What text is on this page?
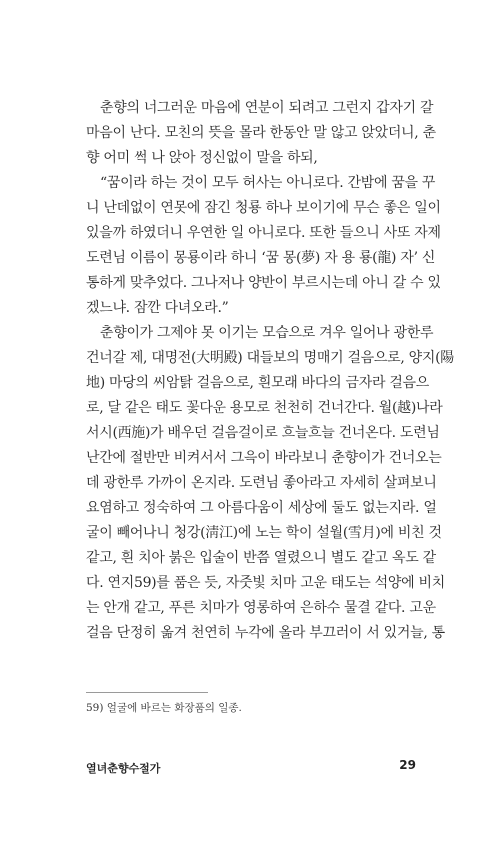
춘향의 너그러운 마음에 연분이 되려고 그런지 갑자기 갈
마음이 난다. 모친의 뜻을 몰라 한동안 말 않고 앉았더니, 춘
향 어미 썩 나 앉아 정신없이 말을 하되,
“꿈이라 하는 것이 모두 허사는 아니로다. 간밤에 꿈을 꾸
니 난데없이 연못에 잠긴 청룡 하나 보이기에 무슨 좋은 일이
있을까 하였더니 우연한 일 아니로다. 또한 들으니 사또 자제
도련님 이름이 몽룡이라 하니 ‘꿈 몽(夢) 자 용 룡(龍) 자’ 신
통하게 맞추었다. 그나저나 양반이 부르시는데 아니 갈 수 있
겠느냐. 잠깐 다녀오라.”
춘향이가 그제야 못 이기는 모습으로 겨우 일어나 광한루
건너갈 제, 대명전(大明殿) 대들보의 명매기 걸음으로, 양지(陽
地) 마당의 씨암탉 걸음으로, 흰모래 바다의 금자라 걸음으
로, 달 같은 태도 꽃다운 용모로 천천히 건너간다. 월(越)나라
서시(西施)가 배우던 걸음걸이로 흐늘흐늘 건너온다. 도련님
난간에 절반만 비켜서서 그윽이 바라보니 춘향이가 건너오는
데 광한루 가까이 온지라. 도련님 좋아라고 자세히 살펴보니
요염하고 정숙하여 그 아름다움이 세상에 둘도 없는지라. 얼
굴이 빼어나니 청강(淸江)에 노는 학이 설월(雪月)에 비친 것
같고, 흰 치아 붉은 입술이 반쯤 열렸으니 별도 같고 옥도 같
다. 연지59)를 품은 듯, 자줏빛 치마 고운 태도는 석양에 비치
는 안개 같고, 푸른 치마가 영롱하여 은하수 물결 같다. 고운
걸음 단정히 옮겨 천연히 누각에 올라 부끄러이 서 있거늘, 통
59) 얼굴에 바르는 화장품의 일종.
열녀춘향수절가	29
